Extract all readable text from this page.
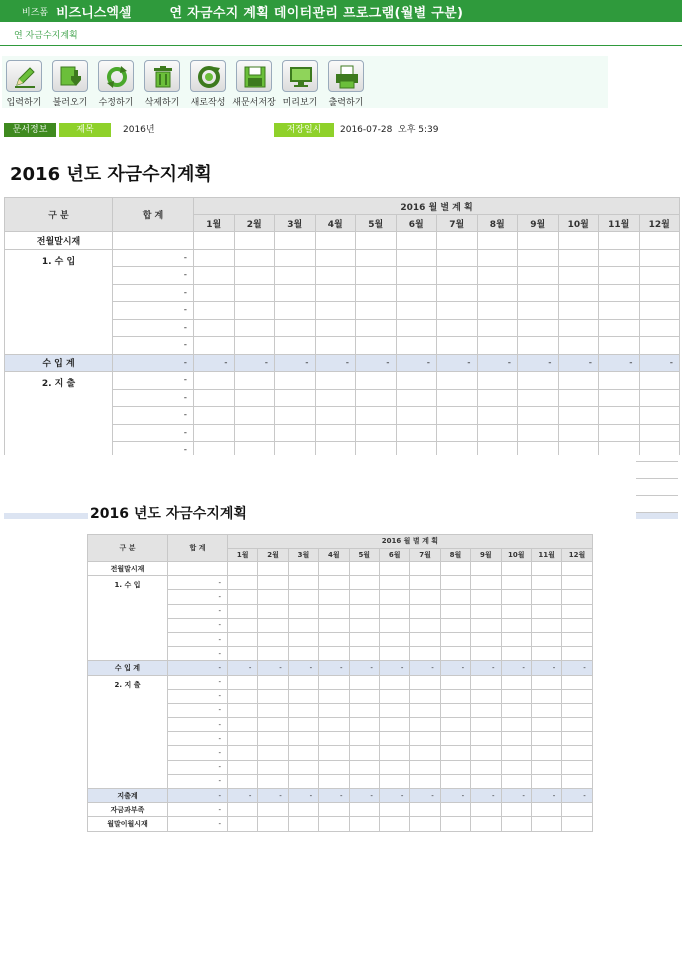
비즈폼 비즈니스엑셀	연 자금수지 계획 데이터관리 프로그램(월별 구분)
연 자금수지계획
입력하기	불러오기	수정하기	삭제하기	새로작성 새문서저장 미리보기	출력하기
문서정보	제목	2016년	저장일시	2016-07-28  오후 5:39
2016 년도 자금수지계획
구 분	합 계	2016 월 별 계 획											
		1월	2월	3월	4월	5월	6월	7월	8월	9월	10월	11월	12월
전월말시재													
1. 수 입	-												
	-												
	-												
	-												
	-												
	-												
수 입 계	-	-	-	-	-	-	-	-	-	-	-	-	-
2. 지 출	-												
	-												
	-												
	-												
	-												
2016 년도 자금수지계획
구 분	합 계	2016 월 별 계 획											
		1월	2월	3월	4월	5월	6월	7월	8월	9월	10월	11월	12월
전월말시재													
1. 수 입	-												
	-												
	-												
	-												
	-												
	-												
수 입 계	-	-	-	-	-	-	-	-	-	-	-	-	-
2. 지 출	-												
	-												
	-												
	-												
	-												
	-												
	-												
	-												
지출계	-	-	-	-	-	-	-	-	-	-	-	-	-
자금과부족	-												
월말이월시재	-												
